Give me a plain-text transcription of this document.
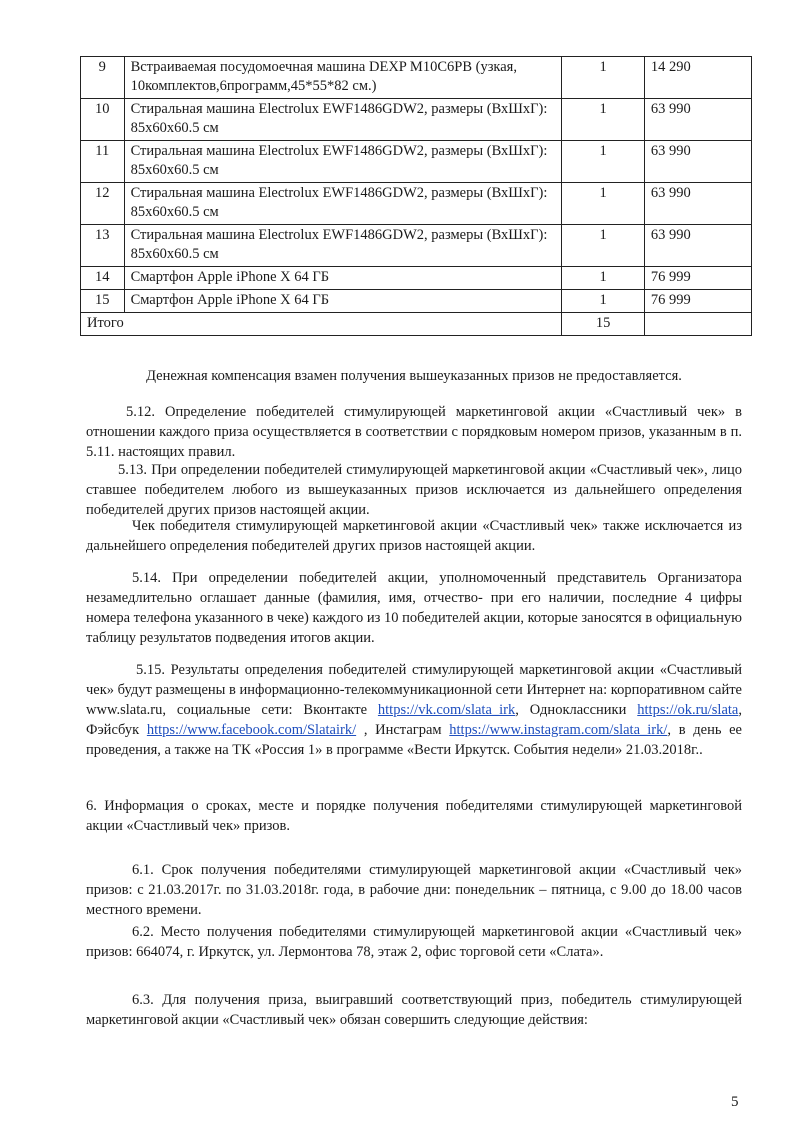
9	Встраиваемая посудомоечная машина DEXP M10C6PB (узкая, 10комплектов,6программ,45*55*82 см.)	1	14 290
10	Стиральная машина Electrolux EWF1486GDW2, размеры (ВхШхГ): 85х60х60.5 см	1	63 990
11	Стиральная машина Electrolux EWF1486GDW2, размеры (ВхШхГ): 85х60х60.5 см	1	63 990
12	Стиральная машина Electrolux EWF1486GDW2, размеры (ВхШхГ): 85х60х60.5 см	1	63 990
13	Стиральная машина Electrolux EWF1486GDW2, размеры (ВхШхГ): 85х60х60.5 см	1	63 990
14	Смартфон Apple iPhone X 64 ГБ	1	76 999
15	Смартфон Apple iPhone X 64 ГБ	1	76 999
Итого		15	

Денежная компенсация взамен получения вышеуказанных призов не предоставляется.

5.12. Определение победителей стимулирующей маркетинговой акции «Счастливый чек» в отношении каждого приза осуществляется в соответствии с порядковым номером призов, указанным в п. 5.11. настоящих правил.

5.13. При определении победителей стимулирующей маркетинговой акции «Счастливый чек», лицо ставшее победителем любого из вышеуказанных призов исключается из дальнейшего определения победителей других призов настоящей акции.

Чек победителя стимулирующей маркетинговой акции «Счастливый чек» также исключается из дальнейшего определения победителей других призов настоящей акции.

5.14. При определении победителей акции, уполномоченный представитель Организатора незамедлительно оглашает данные (фамилия, имя, отчество- при его наличии, последние 4 цифры номера телефона указанного в чеке) каждого из 10 победителей акции, которые заносятся в официальную таблицу результатов подведения итогов акции.

5.15. Результаты определения победителей стимулирующей маркетинговой акции «Счастливый чек» будут размещены в информационно-телекоммуникационной сети Интернет на: корпоративном сайте www.slata.ru, социальные сети: Вконтакте https://vk.com/slata_irk, Одноклассники https://ok.ru/slata, Фэйсбук https://www.facebook.com/Slatairk/ , Инстаграм https://www.instagram.com/slata_irk/, в день ее проведения, а также на ТК «Россия 1» в программе «Вести Иркутск. События недели» 21.03.2018г..

6. Информация о сроках, месте и порядке получения победителями стимулирующей маркетинговой акции «Счастливый чек» призов.

6.1. Срок получения победителями стимулирующей маркетинговой акции «Счастливый чек» призов: с 21.03.2017г. по 31.03.2018г. года, в рабочие дни: понедельник – пятница, с 9.00 до 18.00 часов местного времени.

6.2. Место получения победителями стимулирующей маркетинговой акции «Счастливый чек» призов: 664074, г. Иркутск, ул. Лермонтова 78, этаж 2, офис торговой сети «Слата».

6.3. Для получения приза, выигравший соответствующий приз, победитель стимулирующей маркетинговой акции «Счастливый чек» обязан совершить следующие действия:

5
